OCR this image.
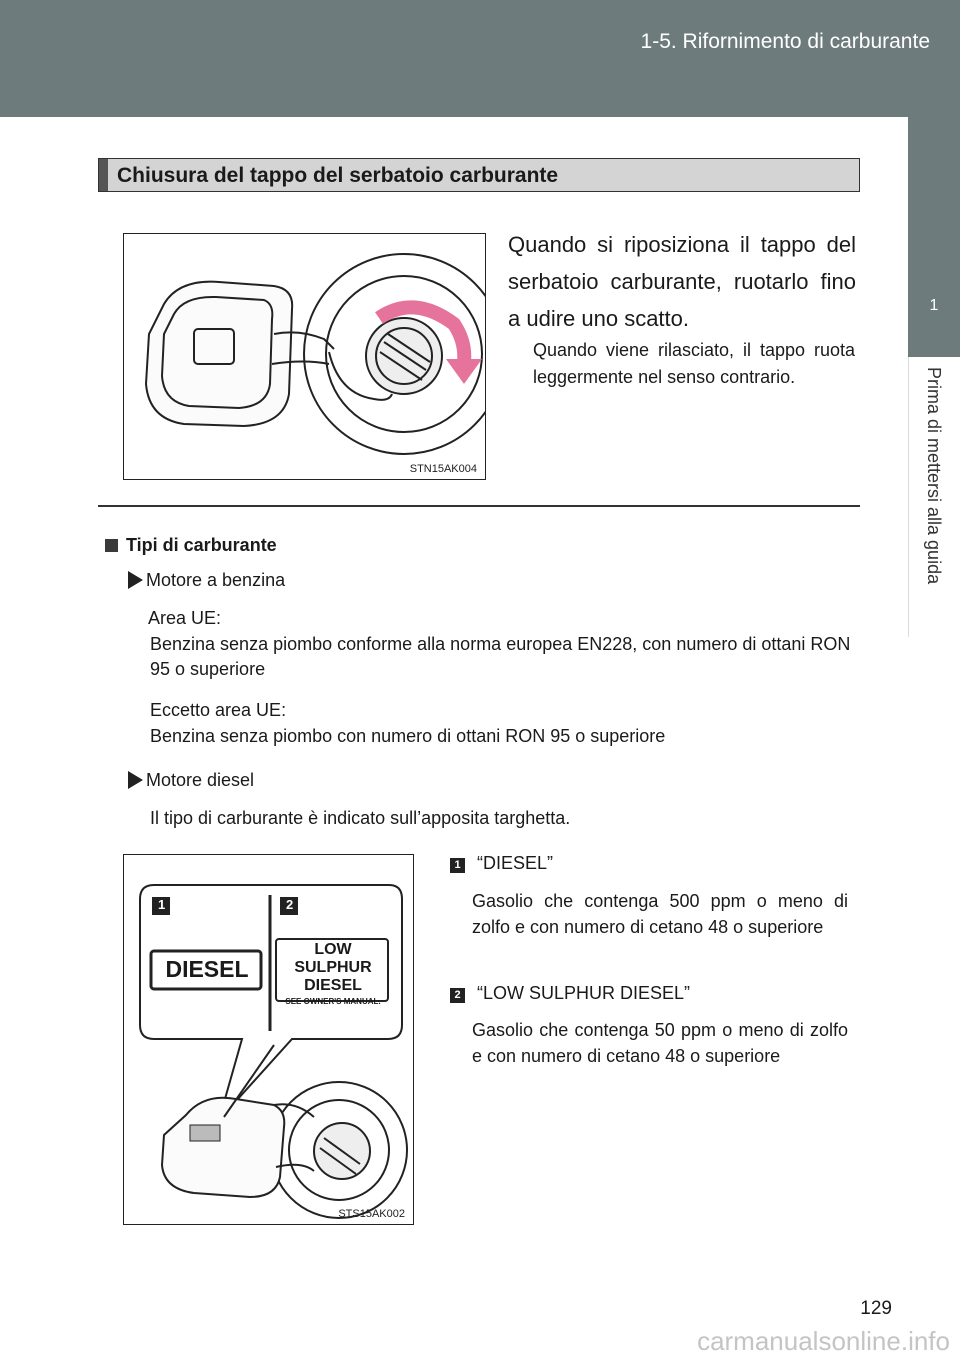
1-5. Rifornimento di carburante
1
Prima di mettersi alla guida
Chiusura del tappo del serbatoio carburante
STN15AK004
Quando si riposiziona il tappo del serbatoio carburante, ruotarlo fino a udire uno scatto.
Quando viene rilasciato, il tappo ruota leggermente nel senso contrario.
Tipi di carburante
Motore a benzina
Area UE:
Benzina senza piombo conforme alla norma europea EN228, con numero di ottani RON 95 o superiore
Eccetto area UE:
Benzina senza piombo con numero di ottani RON 95 o superiore
Motore diesel
Il tipo di carburante è indicato sull’apposita targhetta.
1	2
DIESEL
LOW SULPHUR
DIESEL
SEE OWNER'S MANUAL.
STS15AK002
1 “DIESEL”
Gasolio che contenga 500 ppm o meno di zolfo e con numero di cetano 48 o superiore
2 “LOW SULPHUR DIESEL”
Gasolio che contenga 50 ppm o meno di zolfo e con numero di cetano 48 o superiore
129
carmanualsonline.info
